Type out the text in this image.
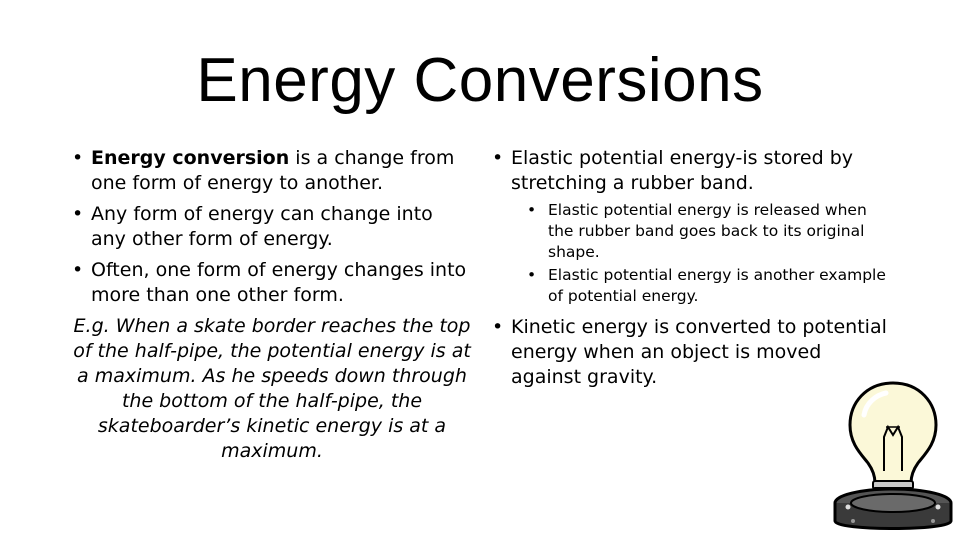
Energy Conversions

• Energy conversion is a change from one form of energy to another.

• Any form of energy can change into any other form of energy.

• Often, one form of energy changes into more than one other form.

E.g. When a skate border reaches the top of the half-pipe, the potential energy is at a maximum. As he speeds down through the bottom of the half-pipe, the skateboarder’s kinetic energy is at a maximum.

• Elastic potential energy-is stored by stretching a rubber band.

• Elastic potential energy is released when the rubber band goes back to its original shape.
• Elastic potential energy is another example of potential energy.

• Kinetic energy is converted to potential energy when an object is moved against gravity.
